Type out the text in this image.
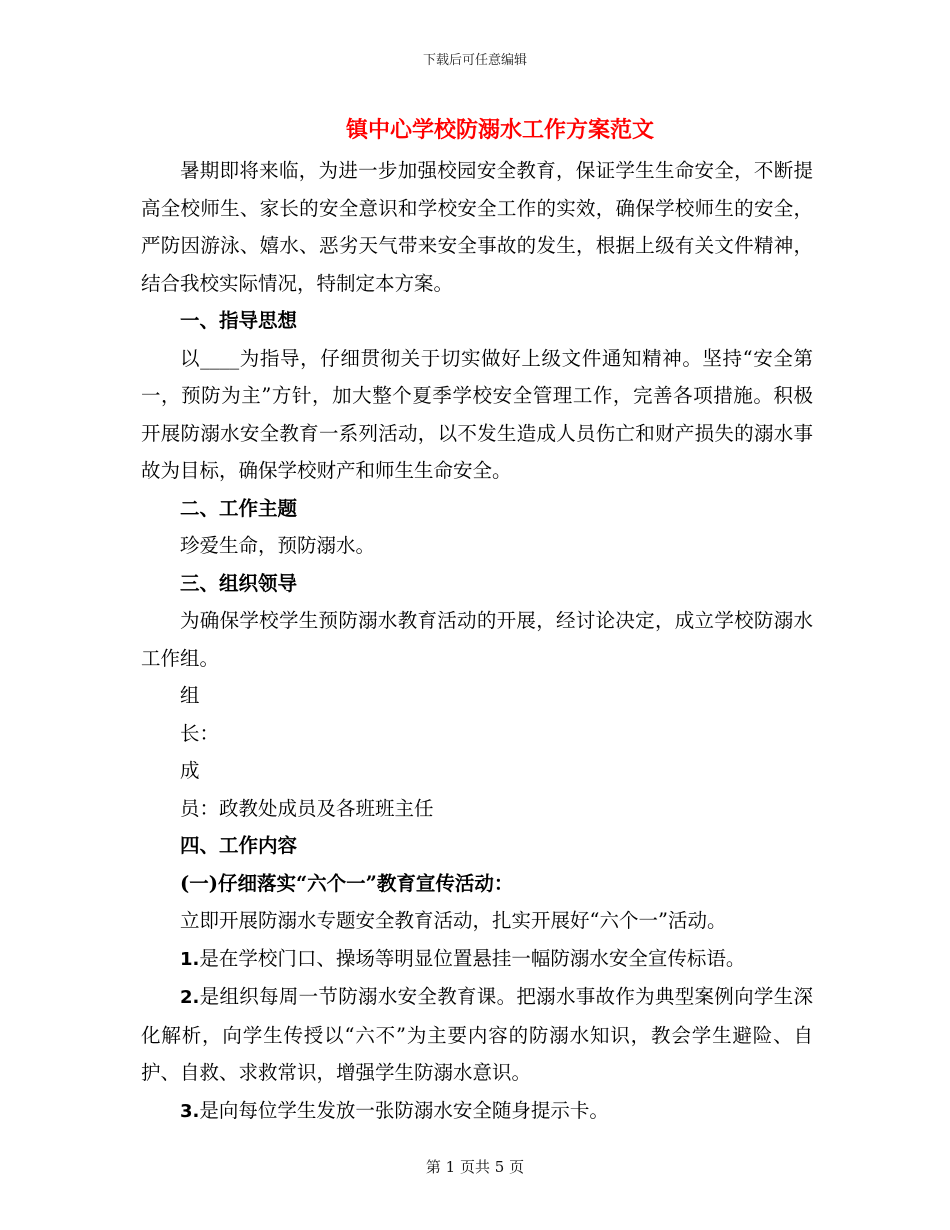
下载后可任意编辑
镇中心学校防溺水工作方案范文

暑期即将来临，为进一步加强校园安全教育，保证学生生命安全，不断提高全校师生、家长的安全意识和学校安全工作的实效，确保学校师生的安全，严防因游泳、嬉水、恶劣天气带来安全事故的发生，根据上级有关文件精神，结合我校实际情况，特制定本方案。

一、指导思想

以____为指导，仔细贯彻关于切实做好上级文件通知精神。坚持“安全第一，预防为主”方针，加大整个夏季学校安全管理工作，完善各项措施。积极开展防溺水安全教育一系列活动，以不发生造成人员伤亡和财产损失的溺水事故为目标，确保学校财产和师生生命安全。

二、工作主题

珍爱生命，预防溺水。

三、组织领导

为确保学校学生预防溺水教育活动的开展，经讨论决定，成立学校防溺水工作组。

组

长：

成

员：政教处成员及各班班主任

四、工作内容

(一)仔细落实“六个一”教育宣传活动：

立即开展防溺水专题安全教育活动，扎实开展好“六个一”活动。

1.是在学校门口、操场等明显位置悬挂一幅防溺水安全宣传标语。

2.是组织每周一节防溺水安全教育课。把溺水事故作为典型案例向学生深化解析，向学生传授以“六不”为主要内容的防溺水知识，教会学生避险、自护、自救、求救常识，增强学生防溺水意识。

3.是向每位学生发放一张防溺水安全随身提示卡。

第 1 页共 5 页
